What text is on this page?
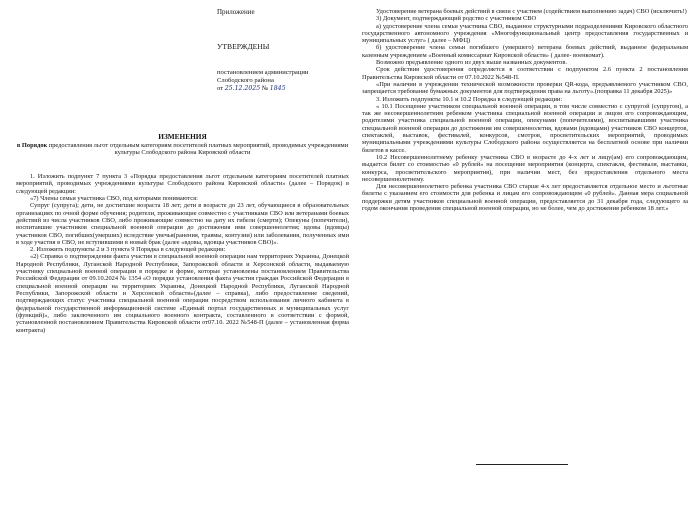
Приложение
УТВЕРЖДЕНЫ
постановлением администрации
Слободского района
от 25.12.2025 № 1845
ИЗМЕНЕНИЯ
в Порядок предоставления льгот отдельным категориям посетителей платных мероприятий, проводимых учреждениями культуры Слободского района Кировской области

1. Изложить подпункт 7 пункта 3 «Порядка предоставления льгот отдельным категориям посетителей платных мероприятий, проводимых учреждениями культуры Слободского района Кировской области» (далее – Порядок) в следующей редакции:

«7) Члены семьи участника СВО, под которыми понимаются:

Супруг (супруга); дети, не достигшие возраста 18 лет; дети в возрасте до 23 лет, обучающиеся в образовательных организациях по очной форме обучения; родители, проживающие совместно с участниками СВО или ветеранами боевых действий из числа участников СВО, либо проживающие совместно на дату их гибели (смерти); Опекуны (попечители), воспитавшие участников специальной военной операции до достижения ими совершеннолетия; вдовы (вдовцы) участников СВО, погибших(умерших) вследствие увечья(ранения, травмы, контузии) или заболевания, полученных ими в ходе участия в СВО, не вступившими в новый брак (далее «вдовы, вдовцы участников СВО)».

2. Изложить подпункты 2 и 3 пункта 9 Порядка в следующей редакции:

«2) Справка о подтверждении факта участия в специальной военной операции нам территориях Украины, Донецкой Народной Республики, Луганской Народной Республики, Запорожской области и Херсонской области, выдаваемую участнику специальной военной операции в порядке и форме, которые установлены постановлением Правительства Российской Федерации от 09.10.2024 № 1354 «О порядке установления факта участия граждан Российской Федерации в специальной военной операции на территориях Украины, Донецкой Народной Республики, Луганской Народной Республики, Запорожской области и Херсонской области»(далее – справка), либо предоставление сведений, подтверждающих статус участника специальной военной операции посредством использования личного кабинета в федеральной государственной информационной системе «Единый портал государственных и муниципальных услуг (функций)», либо заключенного им социального военного контракта, составленного в соответствии с формой, установленной постановлением Правительства Кировской области от07.10. 2022 №548-П (далее – установленная форма контракта)

Удостоверение ветерана боевых действий в связи с участием (содействием выполнению задач) СВО (исключить!)

3) Документ, подтверждающий родство с участником СВО

а) удостоверение члена семьи участника СВО, выданное структурными подразделениями Кировского областного государственного автономного учреждения «Многофункциональный центр предоставления государственных и муниципальных услуг» ( далее – МФЦ)

б) удостоверение члена семьи погибшего (умершего) ветерана боевых действий, выданное федеральным казенным учреждением «Военный комиссариат Кировской области» ( далее- военкомат).

Возможно предъявление одного из двух выше названных документов.

Срок действия удостоверения определяется в соответствии с подпунктом 2.6 пункта 2 постановления Правительства Кировской области от 07.10.2022 №548-П.

«При наличии в учреждении технической возможности проверки QR-кода, предъявляемого участником СВО, запрещается требование бумажных документов для подтверждения права на льготу».(поправка 11 декабря 2025)»

3. Изложить подпункты 10.1 и 10.2 Порядка в следующей редакции:

« 10.1 Посещение участником специальной военной операции, в том числе совместно с супругой (супругом), а так же несовершеннолетним ребенком участника специальной военной операции и лицом его сопровождающим, родителями участника специальной военной операции, опекунами (попечителями), воспитывавшими участника специальной военной операции до достижения им совершеннолетия, вдовами (вдовцами) участников СВО концертов, спектаклей, выставок, фестивалей, конкурсов, смотров, просветительских мероприятий, проводимых муниципальными учреждениями культуры Слободского района осуществляется на бесплатной основе при наличии билетов в кассе.

10.2 Несовершеннолетнему ребенку участника СВО в возрасте до 4-х лет и лицу(ам) его сопровождающим, выдается билет со стоимостью «0 рублей» на посещение мероприятия (концерта, спектакля, фестиваля, выставки, конкурса, просветительского мероприятия), при наличии мест, без предоставления отдельного места несовершеннолетнему.

Для несовершеннолетнего ребенка участника СВО старше 4-х лет предоставляется отдельное место и льготные билеты с указанием его стоимости для ребенка и лицам его сопровождающим «0 рублей». Данная мера социальной поддержки детям участников специальной военной операции, предоставляется до 31 декабря года, следующего за годом окончания проведения специальной военной операции, но не более, чем до достижения ребенком 18 лет.»
